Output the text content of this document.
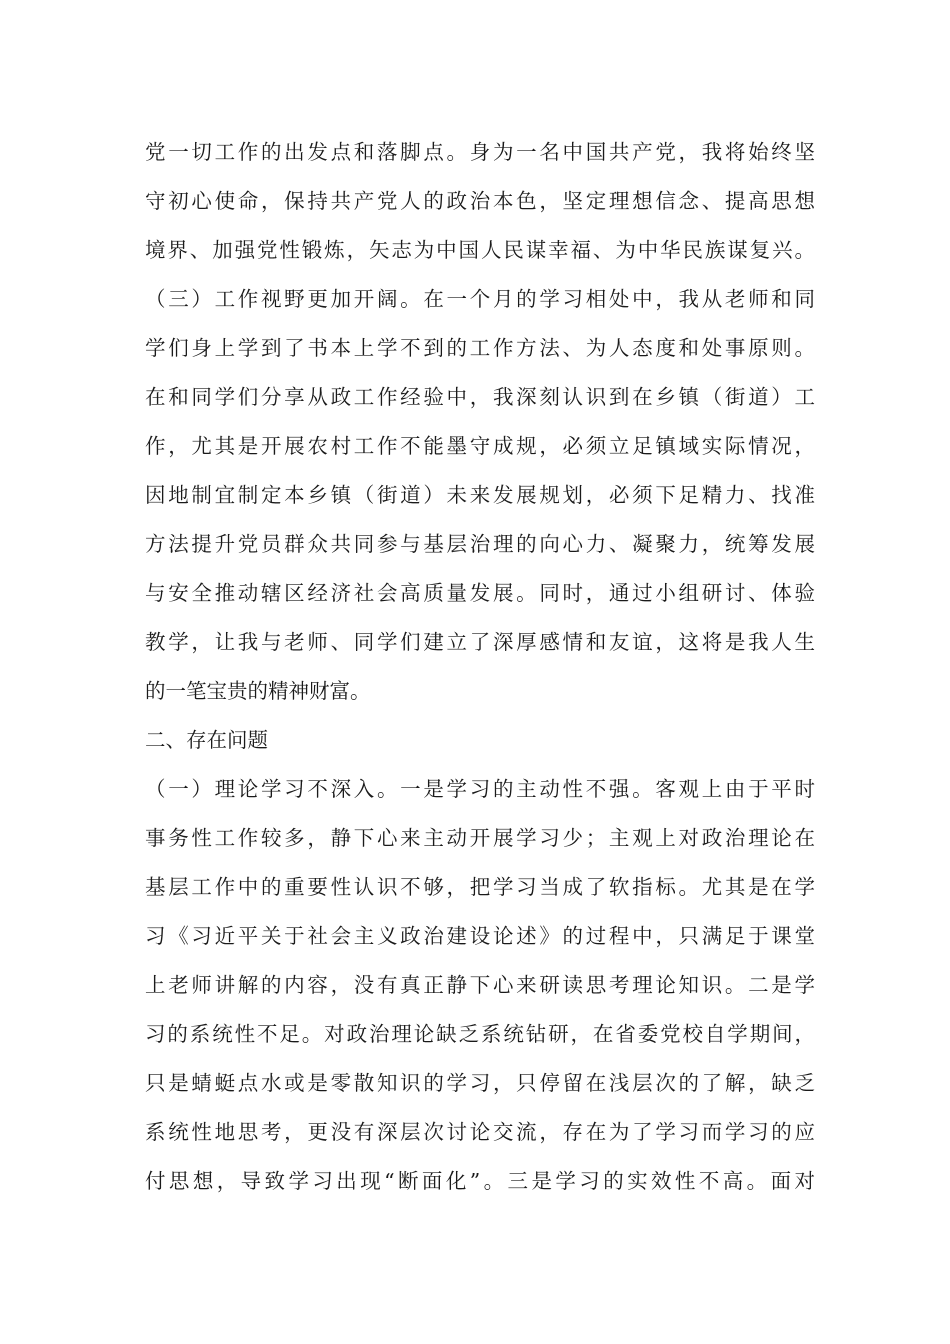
党一切工作的出发点和落脚点。身为一名中国共产党，我将始终坚
守初心使命，保持共产党人的政治本色，坚定理想信念、提高思想
境界、加强党性锻炼，矢志为中国人民谋幸福、为中华民族谋复兴。
（三）工作视野更加开阔。在一个月的学习相处中，我从老师和同
学们身上学到了书本上学不到的工作方法、为人态度和处事原则。
在和同学们分享从政工作经验中，我深刻认识到在乡镇（街道）工
作，尤其是开展农村工作不能墨守成规，必须立足镇域实际情况，
因地制宜制定本乡镇（街道）未来发展规划，必须下足精力、找准
方法提升党员群众共同参与基层治理的向心力、凝聚力，统筹发展
与安全推动辖区经济社会高质量发展。同时，通过小组研讨、体验
教学，让我与老师、同学们建立了深厚感情和友谊，这将是我人生
的一笔宝贵的精神财富。
二、存在问题
（一）理论学习不深入。一是学习的主动性不强。客观上由于平时
事务性工作较多，静下心来主动开展学习少；主观上对政治理论在
基层工作中的重要性认识不够，把学习当成了软指标。尤其是在学
习《习近平关于社会主义政治建设论述》的过程中，只满足于课堂
上老师讲解的内容，没有真正静下心来研读思考理论知识。二是学
习的系统性不足。对政治理论缺乏系统钻研，在省委党校自学期间，
只是蜻蜓点水或是零散知识的学习，只停留在浅层次的了解，缺乏
系统性地思考，更没有深层次讨论交流，存在为了学习而学习的应
付思想，导致学习出现“断面化”。三是学习的实效性不高。面对
